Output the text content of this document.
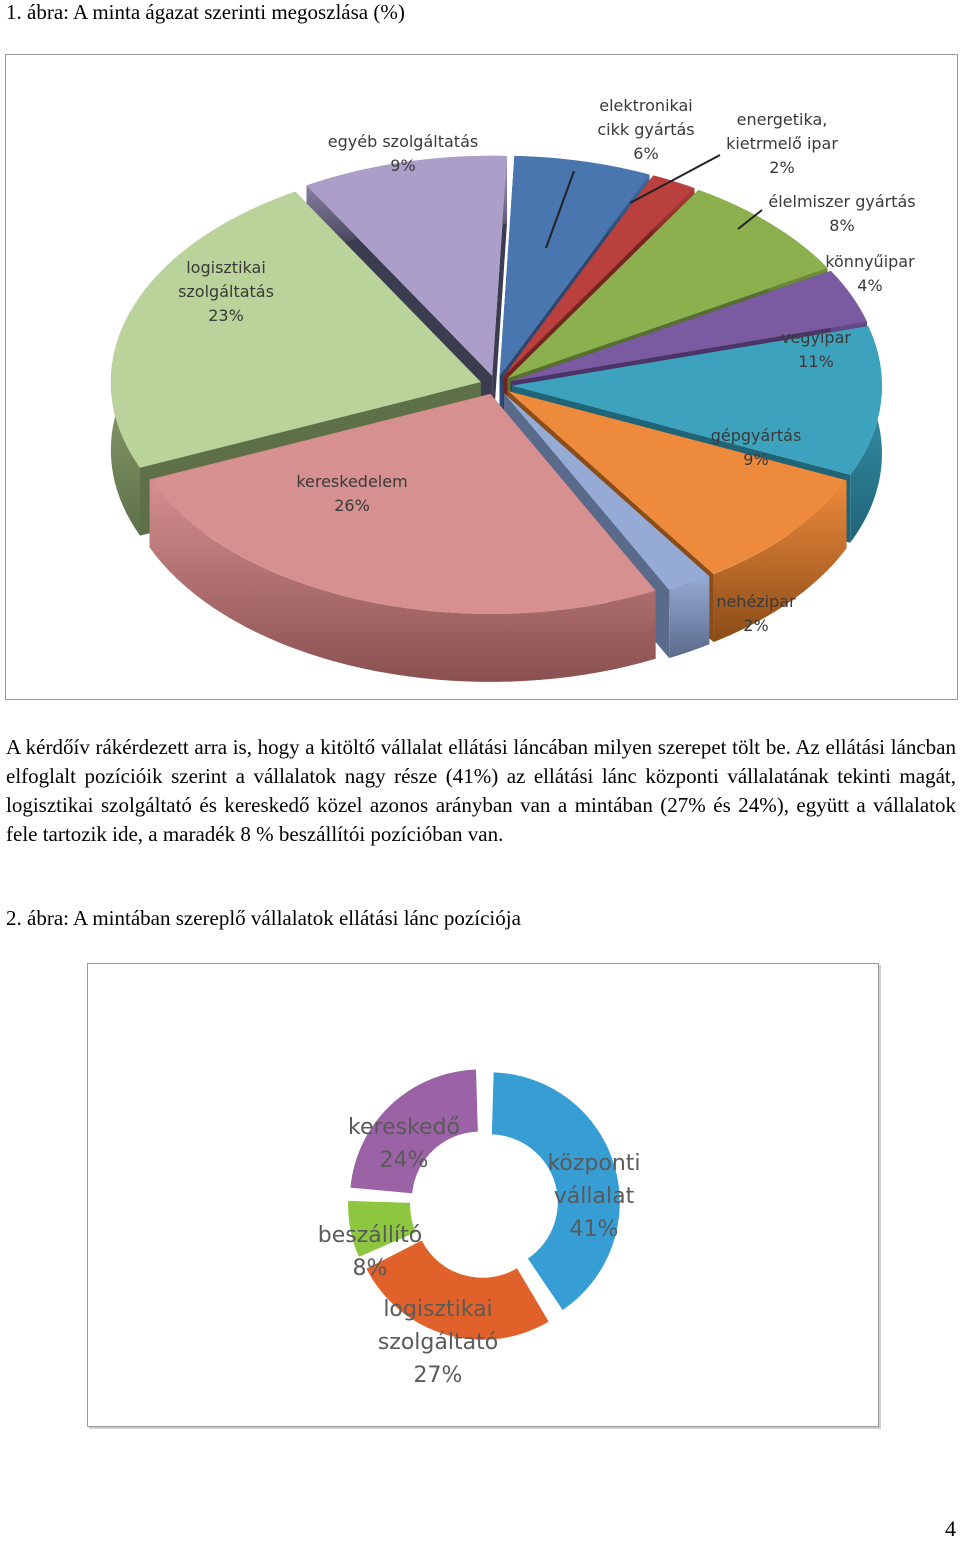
1. ábra: A minta ágazat szerinti megoszlása (%)

elektronikai cikk gyártás 6%
energetika, kietrmelő ipar 2%
élelmiszer gyártás 8%
könnyűipar 4%
vegyipar 11%
gépgyártás 9%
nehézipar 2%
kereskedelem 26%
logisztikai szolgáltatás 23%
egyéb szolgáltatás 9%

A kérdőív rákérdezett arra is, hogy a kitöltő vállalat ellátási láncában milyen szerepet tölt be. Az ellátási láncban elfoglalt pozícióik szerint a vállalatok nagy része (41%) az ellátási lánc központi vállalatának tekinti magát, logisztikai szolgáltató és kereskedő közel azonos arányban van a mintában (27% és 24%), együtt a vállalatok fele tartozik ide, a maradék 8 % beszállítói pozícióban van.

2. ábra: A mintában szereplő vállalatok ellátási lánc pozíciója

központi vállalat 41%
logisztikai szolgáltató 27%
beszállító 8%
kereskedő 24%

4
